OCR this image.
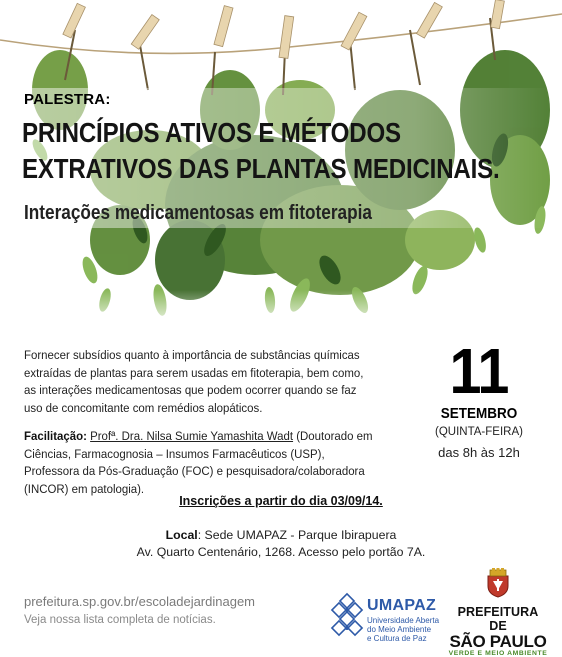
PALESTRA:
PRINCÍPIOS ATIVOS E MÉTODOS
EXTRATIVOS DAS PLANTAS MEDICINAIS.
Interações medicamentosas em fitoterapia

Fornecer subsídios quanto à importância de substâncias químicas extraídas de plantas para serem usadas em fitoterapia, bem como, as interações medicamentosas que podem ocorrer quando se faz uso de concomitante com remédios alopáticos.

Facilitação: Profª. Dra. Nilsa Sumie Yamashita Wadt (Doutorado em Ciências, Farmacognosia – Insumos Farmacêuticos (USP), Professora da Pós-Graduação (FOC) e pesquisadora/colaboradora (INCOR) em patologia).

11
SETEMBRO
(QUINTA-FEIRA)
das 8h às 12h
Inscrições a partir do dia 03/09/14.
Local: Sede UMAPAZ - Parque Ibirapuera
Av. Quarto Centenário, 1268. Acesso pelo portão 7A.
prefeitura.sp.gov.br/escoladejardinagem
Veja nossa lista completa de notícias.
UMAPAZ
Universidade Aberta
do Meio Ambiente
e Cultura de Paz
PREFEITURA DE
SÃO PAULO
VERDE E MEIO AMBIENTE
